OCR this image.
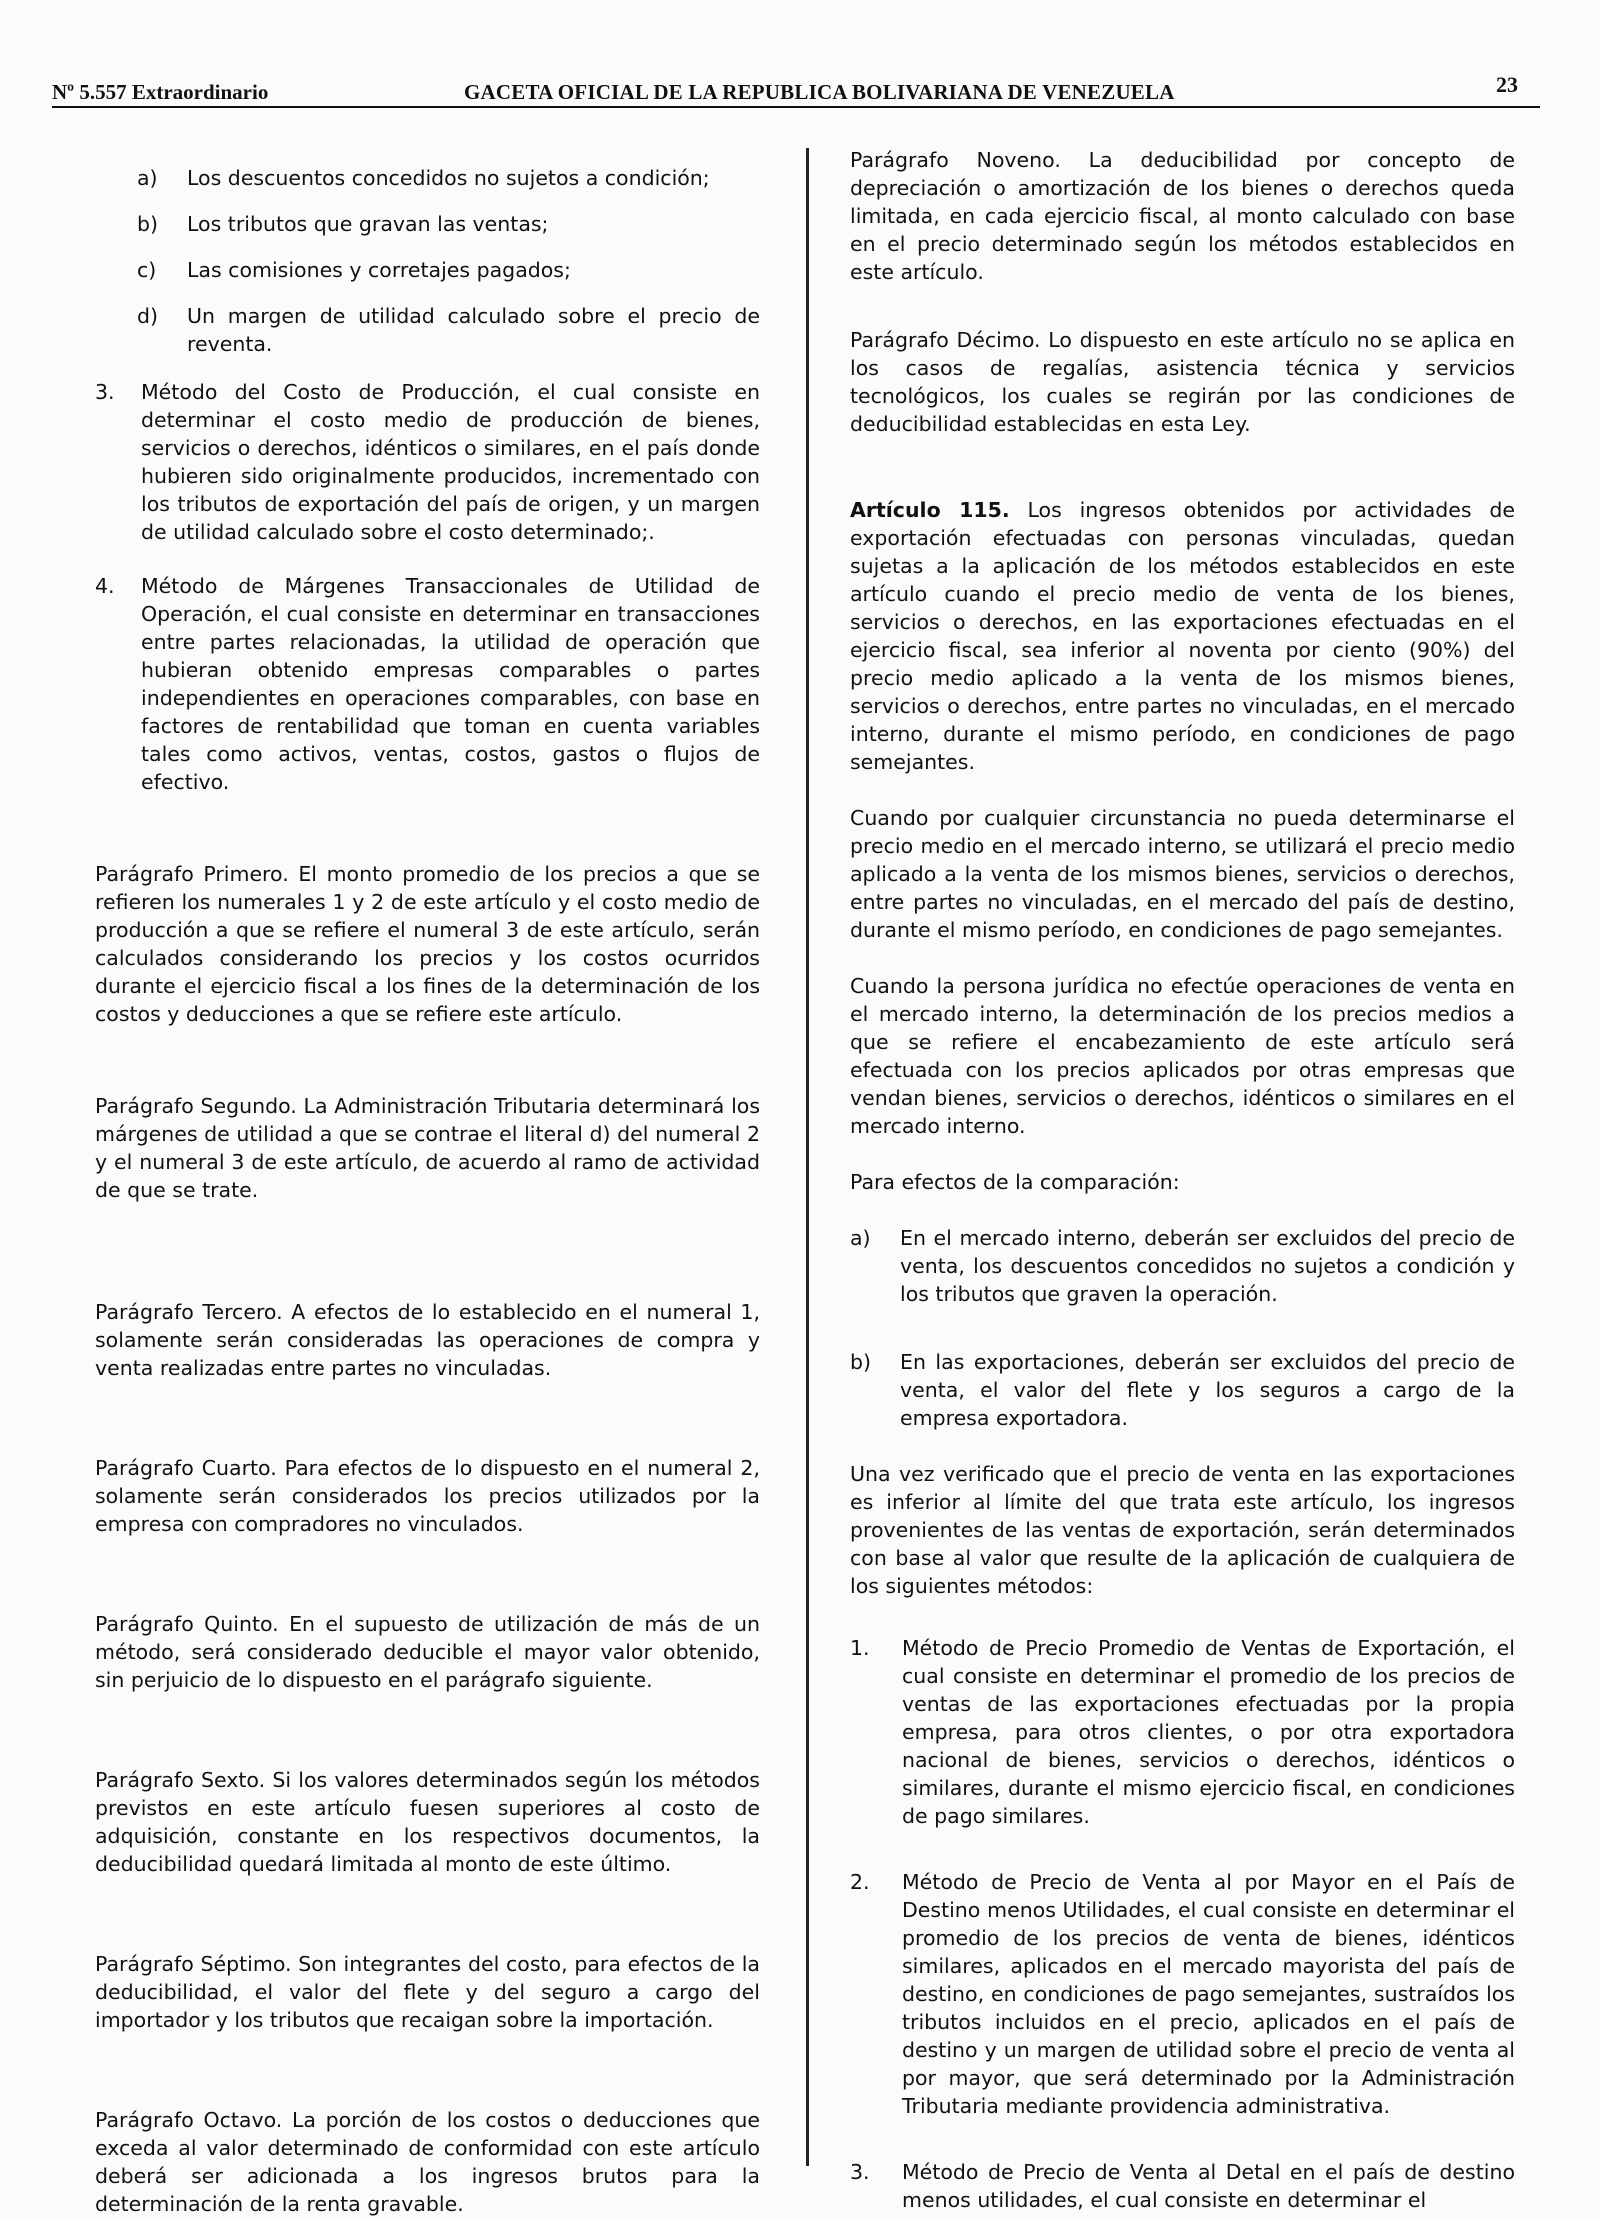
Nº 5.557 Extraordinario	GACETA OFICIAL DE LA REPUBLICA BOLIVARIANA DE VENEZUELA	23

a) Los descuentos concedidos no sujetos a condición;

b) Los tributos que gravan las ventas;

c) Las comisiones y corretajes pagados;

d) Un margen de utilidad calculado sobre el precio de reventa.

3. Método del Costo de Producción, el cual consiste en determinar el costo medio de producción de bienes, servicios o derechos, idénticos o similares, en el país donde hubieren sido originalmente producidos, incrementado con los tributos de exportación del país de origen, y un margen de utilidad calculado sobre el costo determinado;.

4. Método de Márgenes Transaccionales de Utilidad de Operación, el cual consiste en determinar en transacciones entre partes relacionadas, la utilidad de operación que hubieran obtenido empresas comparables o partes independientes en operaciones comparables, con base en factores de rentabilidad que toman en cuenta variables tales como activos, ventas, costos, gastos o flujos de efectivo.

Parágrafo Primero. El monto promedio de los precios a que se refieren los numerales 1 y 2 de este artículo y el costo medio de producción a que se refiere el numeral 3 de este artículo, serán calculados considerando los precios y los costos ocurridos durante el ejercicio fiscal a los fines de la determinación de los costos y deducciones a que se refiere este artículo.

Parágrafo Segundo. La Administración Tributaria determinará los márgenes de utilidad a que se contrae el literal d) del numeral 2 y el numeral 3 de este artículo, de acuerdo al ramo de actividad de que se trate.

Parágrafo Tercero. A efectos de lo establecido en el numeral 1, solamente serán consideradas las operaciones de compra y venta realizadas entre partes no vinculadas.

Parágrafo Cuarto. Para efectos de lo dispuesto en el numeral 2, solamente serán considerados los precios utilizados por la empresa con compradores no vinculados.

Parágrafo Quinto. En el supuesto de utilización de más de un método, será considerado deducible el mayor valor obtenido, sin perjuicio de lo dispuesto en el parágrafo siguiente.

Parágrafo Sexto. Si los valores determinados según los métodos previstos en este artículo fuesen superiores al costo de adquisición, constante en los respectivos documentos, la deducibilidad quedará limitada al monto de este último.

Parágrafo Séptimo. Son integrantes del costo, para efectos de la deducibilidad, el valor del flete y del seguro a cargo del importador y los tributos que recaigan sobre la importación.

Parágrafo Octavo. La porción de los costos o deducciones que exceda al valor determinado de conformidad con este artículo deberá ser adicionada a los ingresos brutos para la determinación de la renta gravable.

Parágrafo Noveno. La deducibilidad por concepto de depreciación o amortización de los bienes o derechos queda limitada, en cada ejercicio fiscal, al monto calculado con base en el precio determinado según los métodos establecidos en este artículo.

Parágrafo Décimo. Lo dispuesto en este artículo no se aplica en los casos de regalías, asistencia técnica y servicios tecnológicos, los cuales se regirán por las condiciones de deducibilidad establecidas en esta Ley.

Artículo 115. Los ingresos obtenidos por actividades de exportación efectuadas con personas vinculadas, quedan sujetas a la aplicación de los métodos establecidos en este artículo cuando el precio medio de venta de los bienes, servicios o derechos, en las exportaciones efectuadas en el ejercicio fiscal, sea inferior al noventa por ciento (90%) del precio medio aplicado a la venta de los mismos bienes, servicios o derechos, entre partes no vinculadas, en el mercado interno, durante el mismo período, en condiciones de pago semejantes.

Cuando por cualquier circunstancia no pueda determinarse el precio medio en el mercado interno, se utilizará el precio medio aplicado a la venta de los mismos bienes, servicios o derechos, entre partes no vinculadas, en el mercado del país de destino, durante el mismo período, en condiciones de pago semejantes.

Cuando la persona jurídica no efectúe operaciones de venta en el mercado interno, la determinación de los precios medios a que se refiere el encabezamiento de este artículo será efectuada con los precios aplicados por otras empresas que vendan bienes, servicios o derechos, idénticos o similares en el mercado interno.

Para efectos de la comparación:

a) En el mercado interno, deberán ser excluidos del precio de venta, los descuentos concedidos no sujetos a condición y los tributos que graven la operación.

b) En las exportaciones, deberán ser excluidos del precio de venta, el valor del flete y los seguros a cargo de la empresa exportadora.

Una vez verificado que el precio de venta en las exportaciones es inferior al límite del que trata este artículo, los ingresos provenientes de las ventas de exportación, serán determinados con base al valor que resulte de la aplicación de cualquiera de los siguientes métodos:

1. Método de Precio Promedio de Ventas de Exportación, el cual consiste en determinar el promedio de los precios de ventas de las exportaciones efectuadas por la propia empresa, para otros clientes, o por otra exportadora nacional de bienes, servicios o derechos, idénticos o similares, durante el mismo ejercicio fiscal, en condiciones de pago similares.

2. Método de Precio de Venta al por Mayor en el País de Destino menos Utilidades, el cual consiste en determinar el promedio de los precios de venta de bienes, idénticos similares, aplicados en el mercado mayorista del país de destino, en condiciones de pago semejantes, sustraídos los tributos incluidos en el precio, aplicados en el país de destino y un margen de utilidad sobre el precio de venta al por mayor, que será determinado por la Administración Tributaria mediante providencia administrativa.

3. Método de Precio de Venta al Detal en el país de destino menos utilidades, el cual consiste en determinar el
